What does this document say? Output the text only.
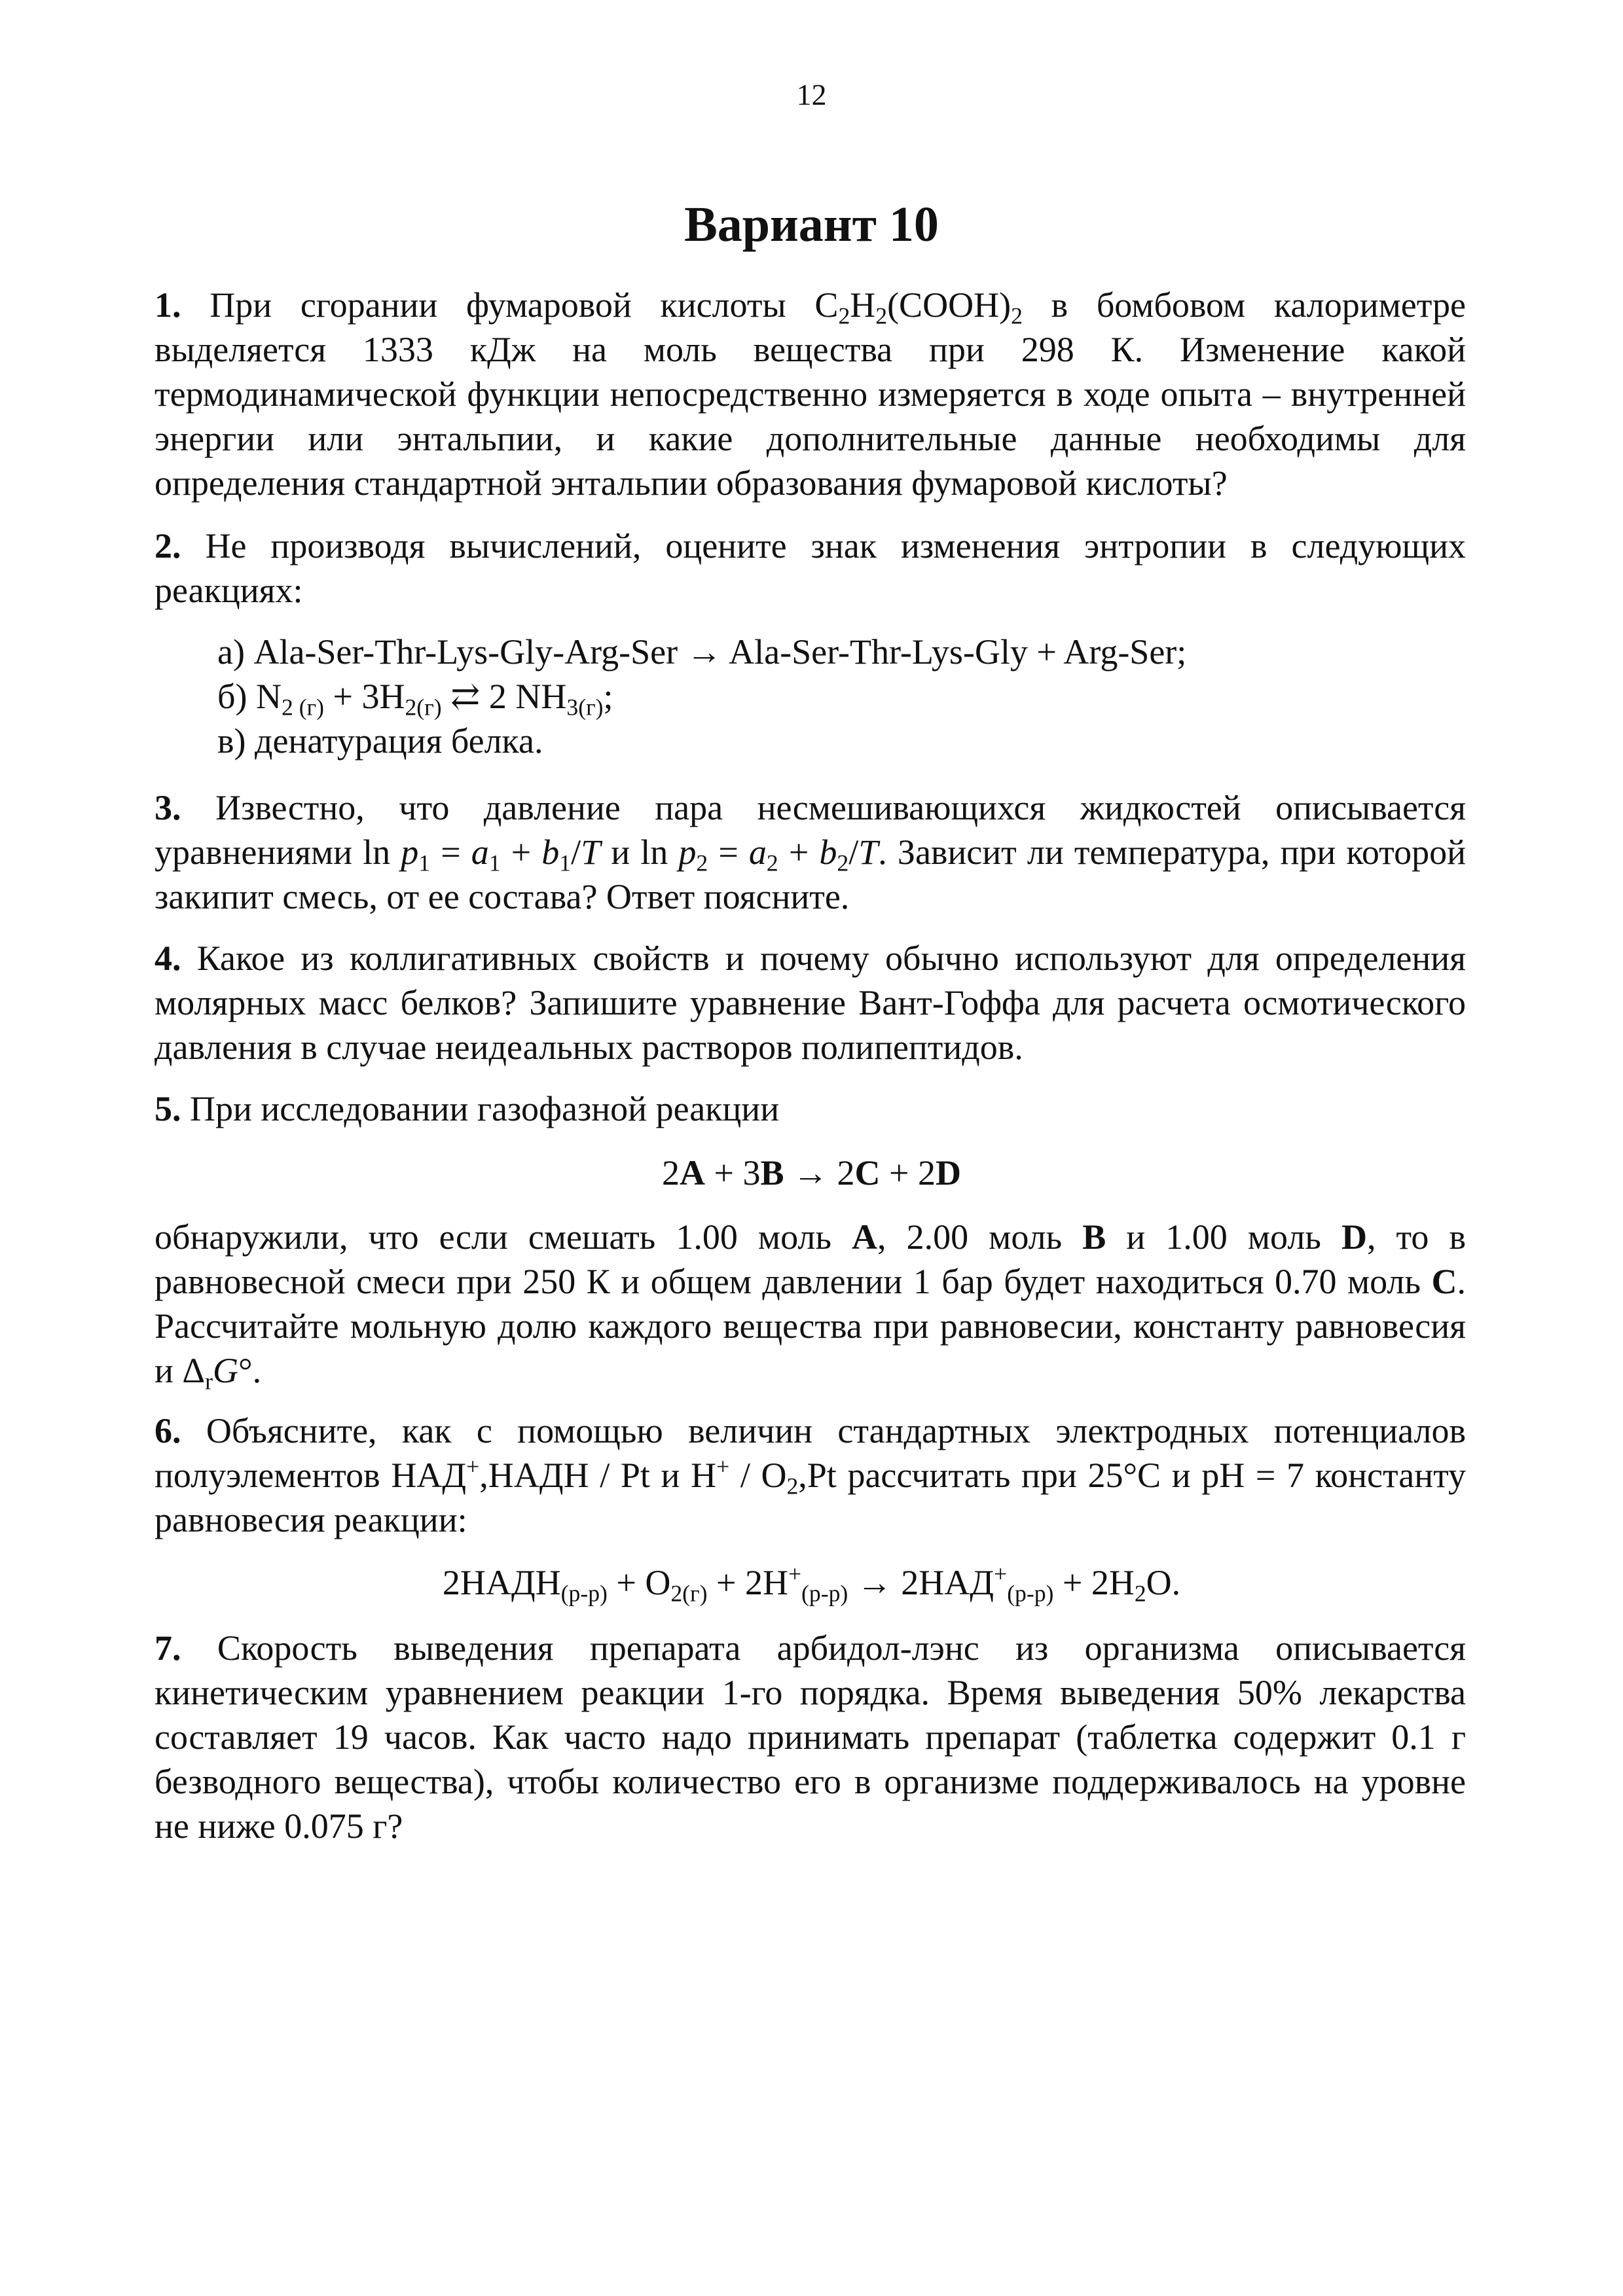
12
Вариант 10

1. При сгорании фумаровой кислоты $C_2H_2(COOH)_2$ в бомбовом калориметре выделяется 1333 кДж на моль вещества при 298 К. Изменение какой термодинамической функции непосредственно измеряется в ходе опыта – внутренней энергии или энтальпии, и какие дополнительные данные необходимы для определения стандартной энтальпии образования фумаровой кислоты?

2. Не производя вычислений, оцените знак изменения энтропии в следующих реакциях:

а) Ala-Ser-Thr-Lys-Gly-Arg-Ser → Ala-Ser-Thr-Lys-Gly + Arg-Ser;
б) $N_{2 (г)} + 3H_{2(г)}$ ⇄ 2 $NH_{3(г)}$;
в) денатурация белка.

3. Известно, что давление пара несмешивающихся жидкостей описывается уравнениями $\ln p_1 = a_1 + b_1/T$ и $\ln p_2 = a_2 + b_2/T$. Зависит ли температура, при которой закипит смесь, от ее состава? Ответ поясните.

4. Какое из коллигативных свойств и почему обычно используют для определения молярных масс белков? Запишите уравнение Вант-Гоффа для расчета осмотического давления в случае неидеальных растворов полипептидов.

5. При исследовании газофазной реакции

2A + 3B → 2C + 2D

обнаружили, что если смешать 1.00 моль A, 2.00 моль B и 1.00 моль D, то в равновесной смеси при 250 К и общем давлении 1 бар будет находиться 0.70 моль C. Рассчитайте мольную долю каждого вещества при равновесии, константу равновесия и $\Delta_rG^\circ$.

6. Объясните, как с помощью величин стандартных электродных потенциалов полуэлементов НАД+,НАДН / Pt и $H^+ / O_2,Pt$ рассчитать при 25°C и pH = 7 константу равновесия реакции:

$2НАДН_{(р-р)} + O_{2(г)} + 2H^+_{(р-р)} \to 2НАД^+_{(р-р)} + 2H_2O$.

7. Скорость выведения препарата арбидол-лэнс из организма описывается кинетическим уравнением реакции 1-го порядка. Время выведения 50% лекарства составляет 19 часов. Как часто надо принимать препарат (таблетка содержит 0.1 г безводного вещества), чтобы количество его в организме поддерживалось на уровне не ниже 0.075 г?
